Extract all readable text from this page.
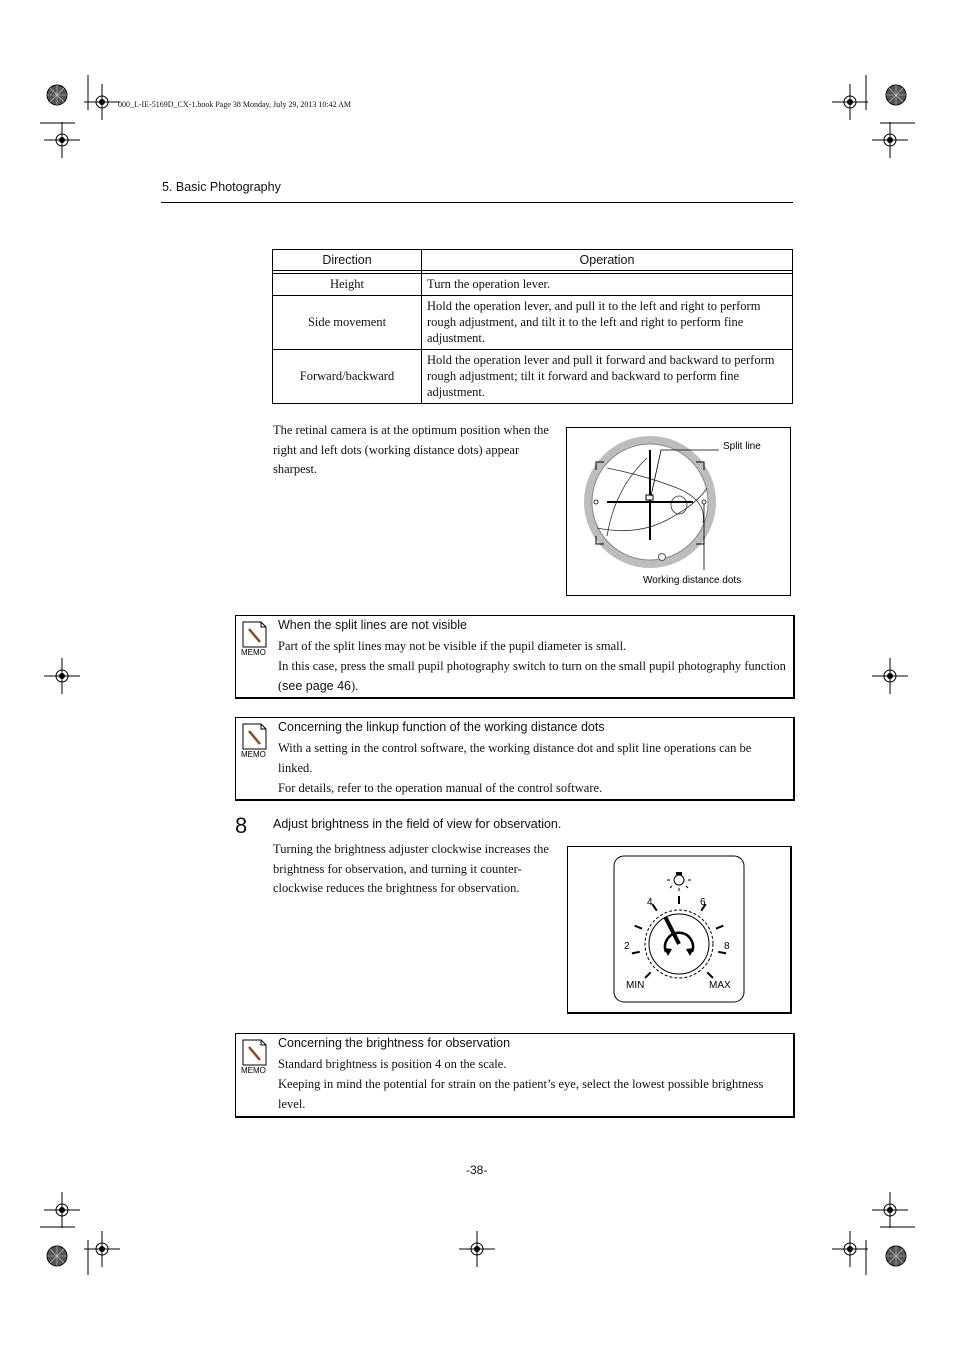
000_L-IE-5169D_CX-1.book Page 38 Monday, July 29, 2013 10:42 AM
5. Basic Photography
Direction	Operation

Height	Turn the operation lever.
Side movement	Hold the operation lever, and pull it to the left and right to perform rough adjustment, and tilt it to the left and right to perform fine adjustment.
Forward/backward	Hold the operation lever and pull it forward and backward to perform rough adjustment; tilt it forward and backward to perform fine adjustment.
The retinal camera is at the optimum position when the right and left dots (working distance dots) appear sharpest.
Split line
Working distance dots
MEMO
When the split lines are not visible

Part of the split lines may not be visible if the pupil diameter is small.

In this case, press the small pupil photography switch to turn on the small pupil photography function (see page 46).

MEMO
Concerning the linkup function of the working distance dots

With a setting in the control software, the working distance dot and split line operations can be linked.

For details, refer to the operation manual of the control software.

8 Adjust brightness in the field of view for observation.
Turning the brightness adjuster clockwise increases the brightness for observation, and turning it counter-clockwise reduces the brightness for observation.
4	6
2	8
MIN	MAX
MEMO
Concerning the brightness for observation

Standard brightness is position 4 on the scale.

Keeping in mind the potential for strain on the patient’s eye, select the lowest possible brightness level.

-38-
